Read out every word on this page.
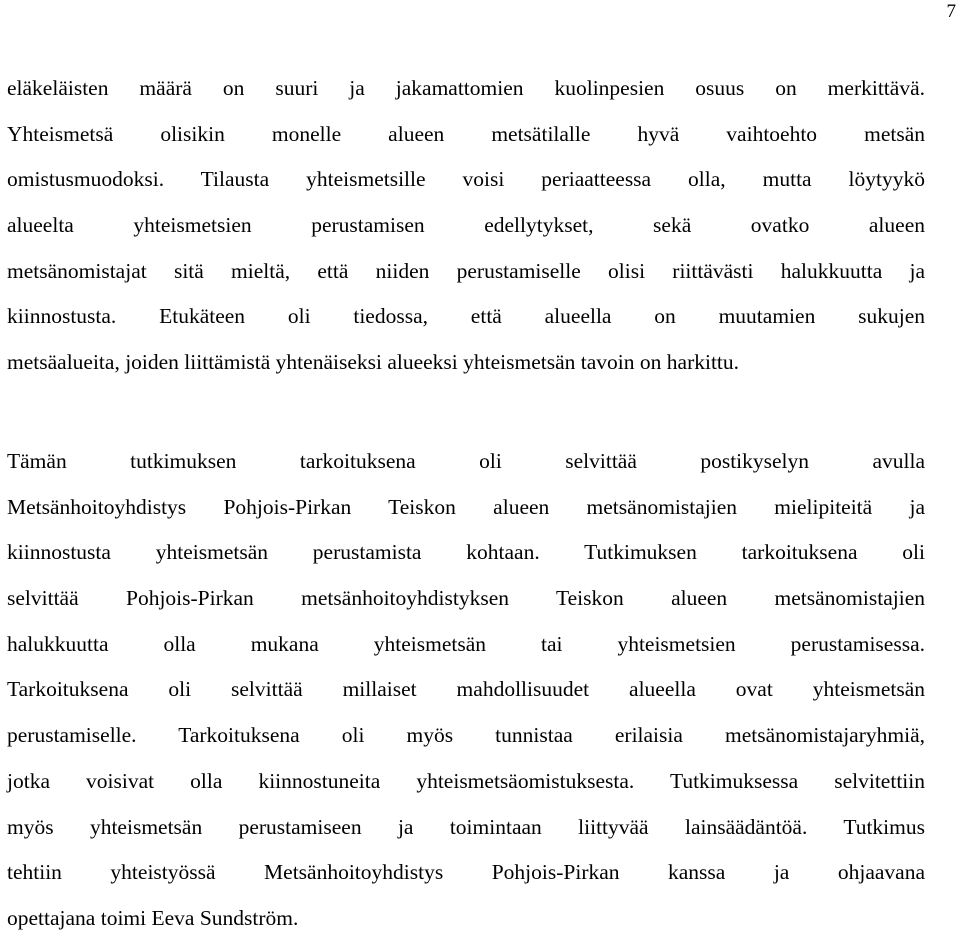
7
eläkeläisten määrä on suuri ja jakamattomien kuolinpesien osuus on merkittävä.
Yhteismetsä olisikin monelle alueen metsätilalle hyvä vaihtoehto metsän
omistusmuodoksi. Tilausta yhteismetsille voisi periaatteessa olla, mutta löytyykö
alueelta yhteismetsien perustamisen edellytykset, sekä ovatko alueen
metsänomistajat sitä mieltä, että niiden perustamiselle olisi riittävästi halukkuutta ja
kiinnostusta. Etukäteen oli tiedossa, että alueella on muutamien sukujen
metsäalueita, joiden liittämistä yhtenäiseksi alueeksi yhteismetsän tavoin on harkittu.
Tämän tutkimuksen tarkoituksena oli selvittää postikyselyn avulla
Metsänhoitoyhdistys Pohjois-Pirkan Teiskon alueen metsänomistajien mielipiteitä ja
kiinnostusta yhteismetsän perustamista kohtaan. Tutkimuksen tarkoituksena oli
selvittää Pohjois-Pirkan metsänhoitoyhdistyksen Teiskon alueen metsänomistajien
halukkuutta olla mukana yhteismetsän tai yhteismetsien perustamisessa.
Tarkoituksena oli selvittää millaiset mahdollisuudet alueella ovat yhteismetsän
perustamiselle. Tarkoituksena oli myös tunnistaa erilaisia metsänomistajaryhmiä,
jotka voisivat olla kiinnostuneita yhteismetsäomistuksesta. Tutkimuksessa selvitettiin
myös yhteismetsän perustamiseen ja toimintaan liittyvää lainsäädäntöä. Tutkimus
tehtiin yhteistyössä Metsänhoitoyhdistys Pohjois-Pirkan kanssa ja ohjaavana
opettajana toimi Eeva Sundström.
